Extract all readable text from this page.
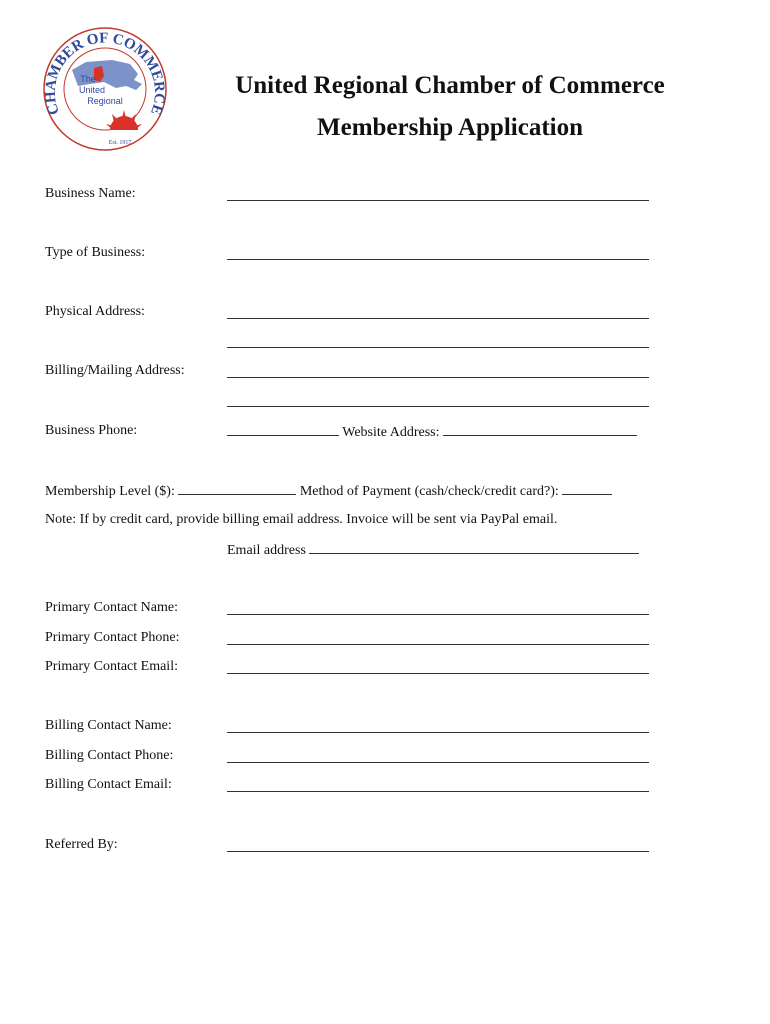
CHAMBER OF COMMERCE
The
United
Regional
Est. 1917
United Regional Chamber of Commerce
Membership Application
Business Name:
Type of Business:
Physical Address:
Billing/Mailing Address:
Business Phone:	Website Address:
Membership Level ($):	Method of Payment (cash/check/credit card?):
Note: If by credit card, provide billing email address. Invoice will be sent via PayPal email.
Email address
Primary Contact Name:
Primary Contact Phone:
Primary Contact Email:
Billing Contact Name:
Billing Contact Phone:
Billing Contact Email:
Referred By:
